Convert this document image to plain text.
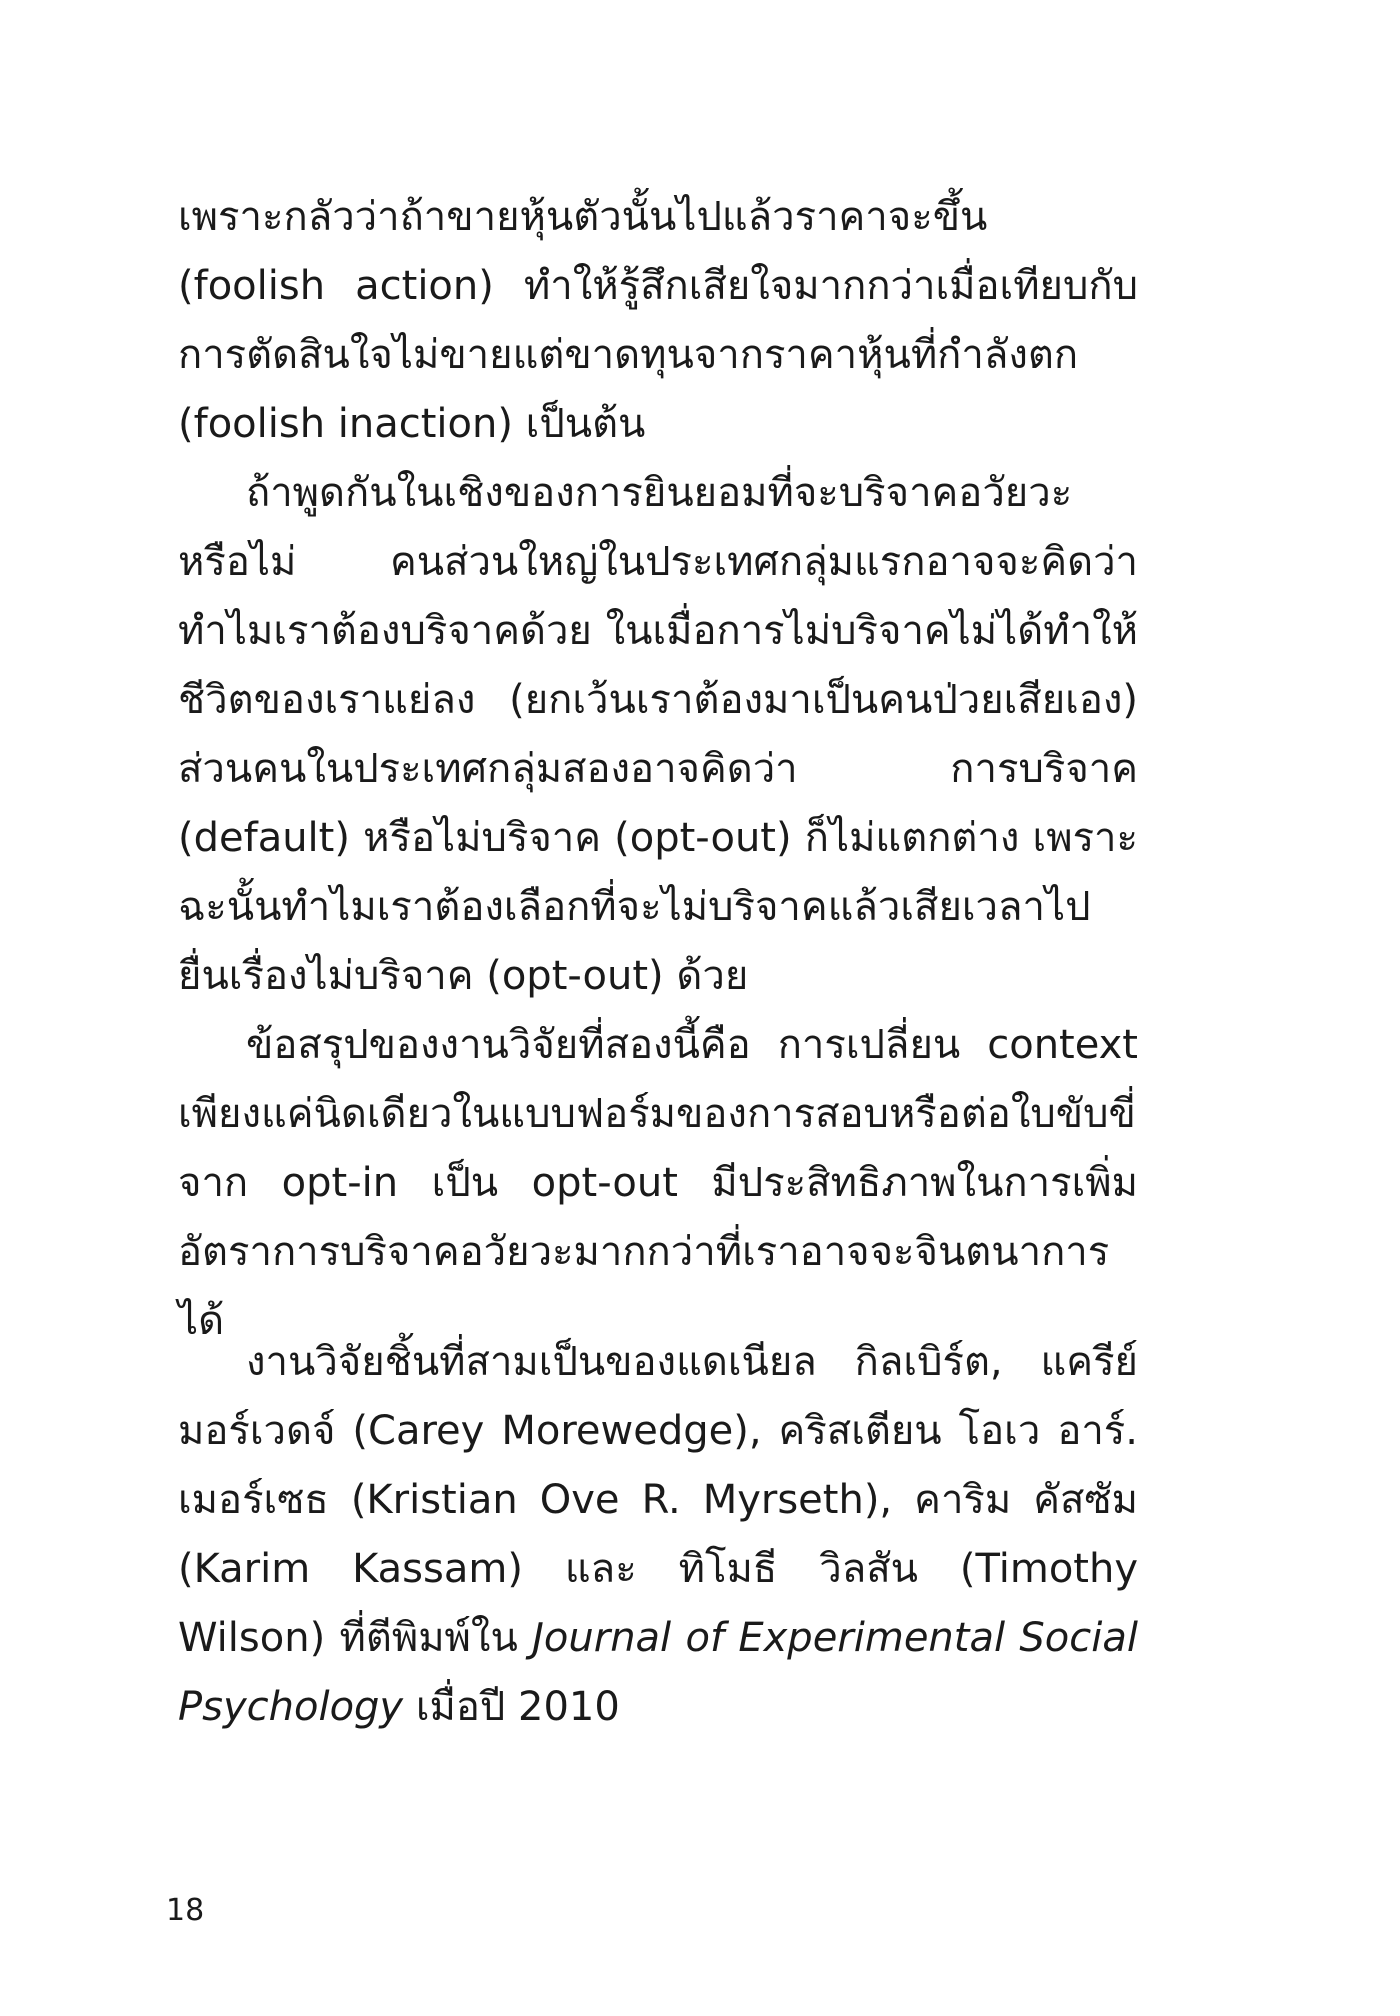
เพราะกลัวว่าถ้าขายหุ้นตัวนั้นไปแล้วราคาจะขึ้น (foolish action) ทำให้รู้สึกเสียใจมากกว่าเมื่อเทียบกับการตัดสินใจไม่ขายแต่ขาดทุนจากราคาหุ้นที่กำลังตก (foolish inaction) เป็นต้น

ถ้าพูดกันในเชิงของการยินยอมที่จะบริจาคอวัยวะหรือไม่ คนส่วนใหญ่ในประเทศกลุ่มแรกอาจจะคิดว่าทำไมเราต้องบริจาคด้วย ในเมื่อการไม่บริจาคไม่ได้ทำให้ชีวิตของเราแย่ลง (ยกเว้นเราต้องมาเป็นคนป่วยเสียเอง) ส่วนคนในประเทศกลุ่มสองอาจคิดว่า การบริจาค (default) หรือไม่บริจาค (opt-out) ก็ไม่แตกต่าง เพราะฉะนั้นทำไมเราต้องเลือกที่จะไม่บริจาคแล้วเสียเวลาไปยื่นเรื่องไม่บริจาค (opt-out) ด้วย

ข้อสรุปของงานวิจัยที่สองนี้คือ การเปลี่ยน context เพียงแค่นิดเดียวในแบบฟอร์มของการสอบหรือต่อใบขับขี่จาก opt-in เป็น opt-out มีประสิทธิภาพในการเพิ่มอัตราการบริจาคอวัยวะมากกว่าที่เราอาจจะจินตนาการได้

งานวิจัยชิ้นที่สามเป็นของแดเนียล กิลเบิร์ต, แครีย์ มอร์เวดจ์ (Carey Morewedge), คริสเตียน โอเว อาร์. เมอร์เซธ (Kristian Ove R. Myrseth), คาริม คัสซัม (Karim Kassam) และ ทิโมธี วิลสัน (Timothy Wilson) ที่ตีพิมพ์ใน Journal of Experimental Social Psychology เมื่อปี 2010

18
